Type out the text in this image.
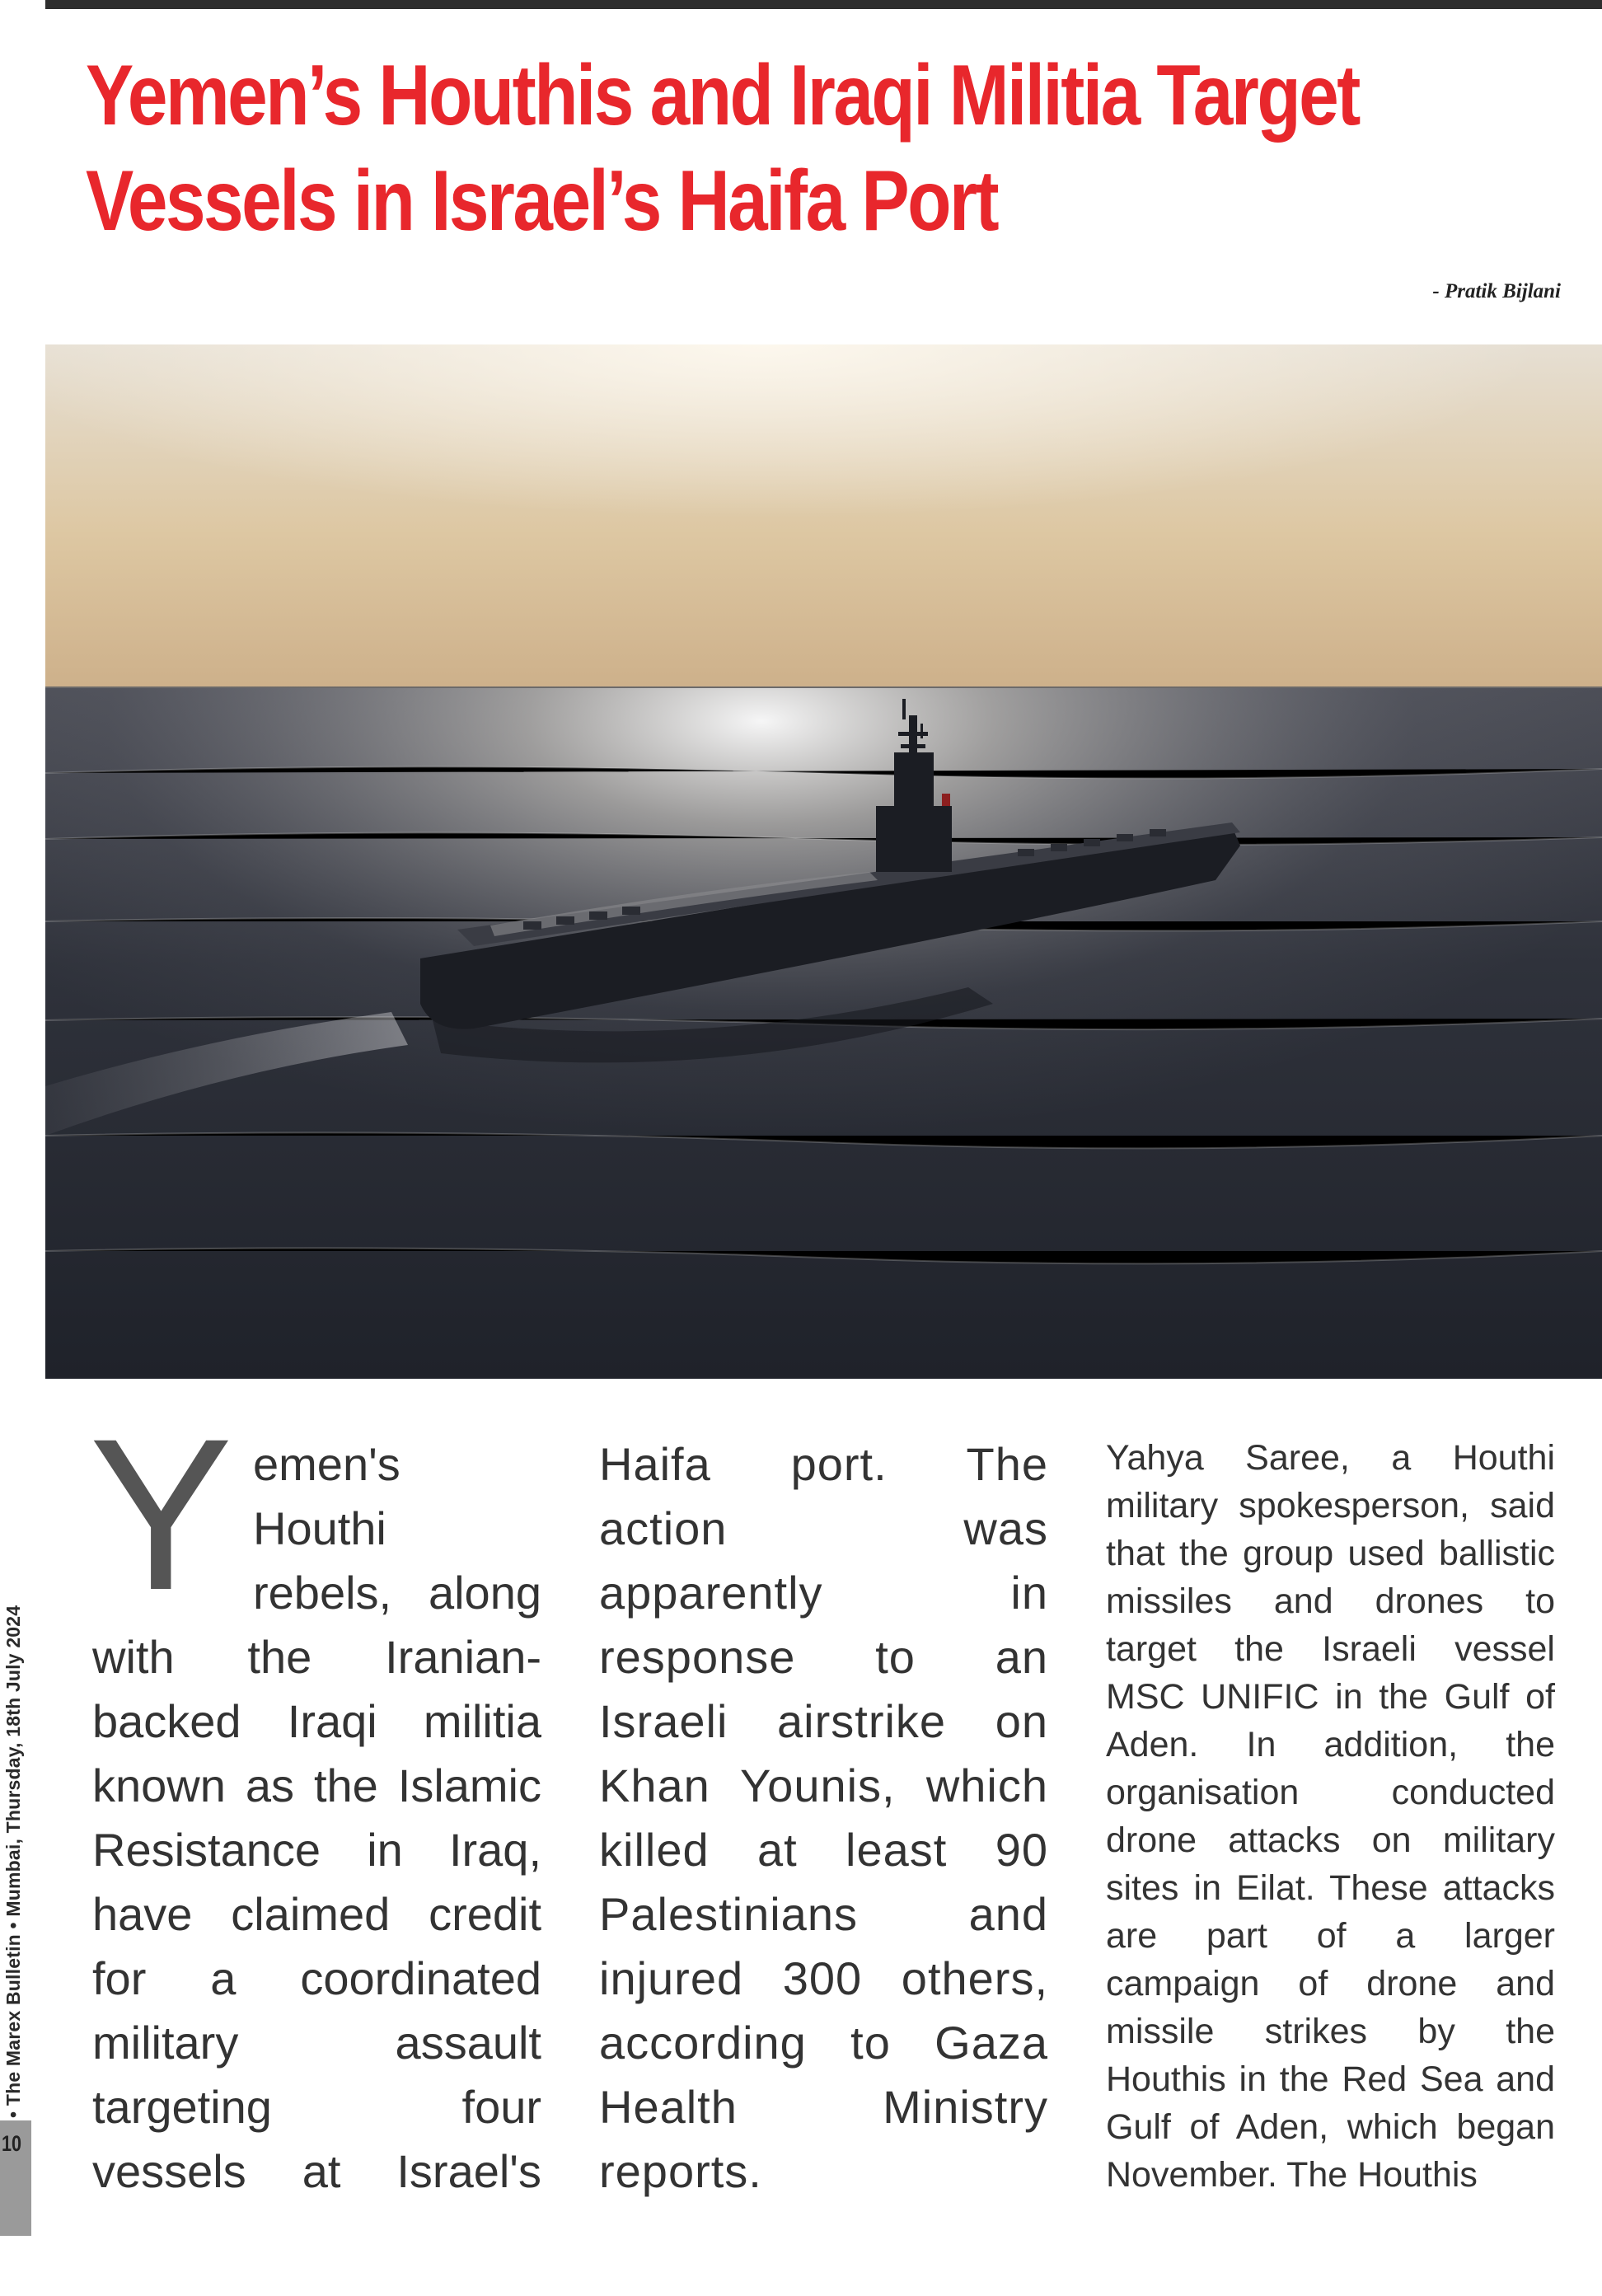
Yemen’s Houthis and Iraqi Militia Target
Vessels in Israel’s Haifa Port
- Pratik Bijlani
Y emen's
Houthi
rebels, along
with the Iranian-
backed Iraqi militia
known as the Islamic
Resistance in Iraq,
have claimed credit
for a coordinated
military assault
targeting four
vessels at Israel's
Haifa port. The
action was
apparently in
response to an
Israeli airstrike on
Khan Younis, which
killed at least 90
Palestinians and
injured 300 others,
according to Gaza
Health Ministry
reports.
Yahya Saree, a Houthi
military spokesperson, said
that the group used ballistic
missiles and drones to
target the Israeli vessel
MSC UNIFIC in the Gulf of
Aden. In addition, the
organisation conducted
drone attacks on military
sites in Eilat. These attacks
are part of a larger
campaign of drone and
missile strikes by the
Houthis in the Red Sea and
Gulf of Aden, which began
November. The Houthis
10
• The Marex Bulletin • Mumbai, Thursday, 18th July 2024
